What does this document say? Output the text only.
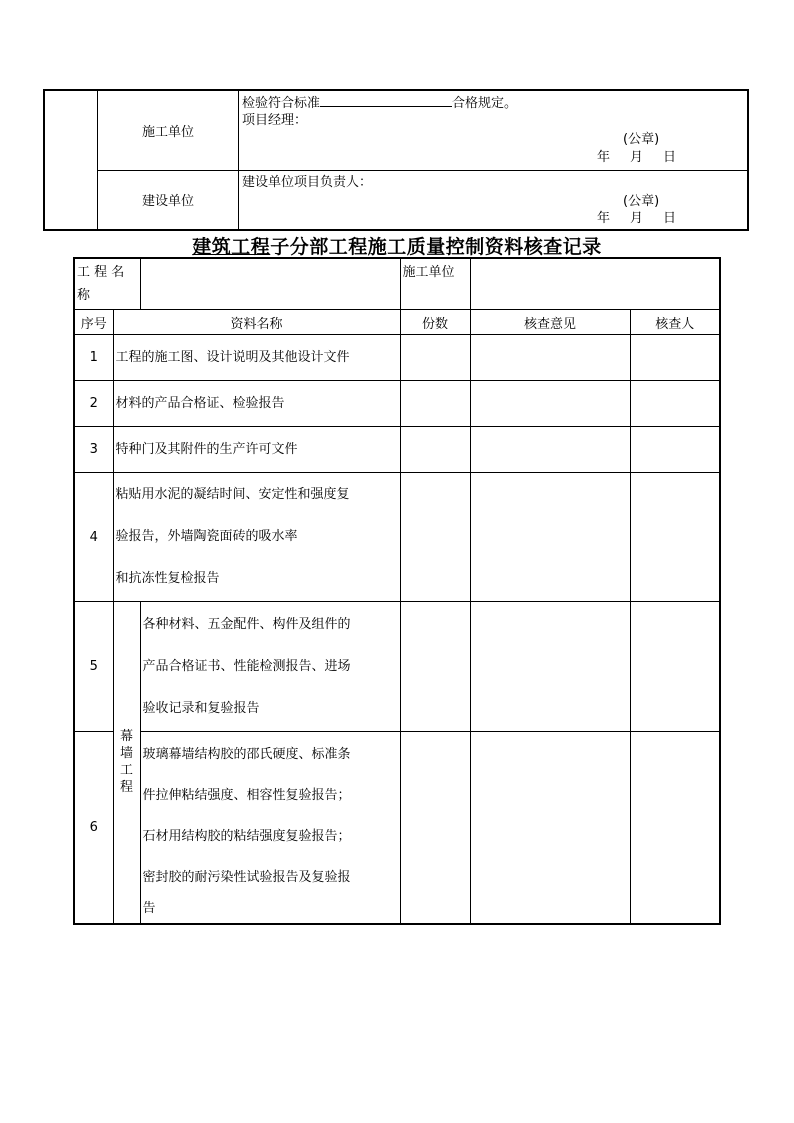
	施工单位	检验符合标准 合格规定。
项目经理：
(公章)
年 月 日

	建设单位	建设单位项目负责人：
(公章)
年 月 日
建筑工程子分部工程施工质量控制资料核查记录
工 程 名 称			施工单位		
序号	资料名称		份数	核查意见	核查人
1	工程的施工图、设计说明及其他设计文件				
2	材料的产品合格证、检验报告				
3	特种门及其附件的生产许可文件				
4	粘贴用水泥的凝结时间、安定性和强度复
验报告，外墙陶瓷面砖的吸水率
和抗冻性复检报告				

5	幕墙工程	各种材料、五金配件、构件及组件的
产品合格证书、性能检测报告、进场
验收记录和复验报告			

6		玻璃幕墙结构胶的邵氏硬度、标准条
件拉伸粘结强度、相容性复验报告；
石材用结构胶的粘结强度复验报告；
密封胶的耐污染性试验报告及复验报
告			
